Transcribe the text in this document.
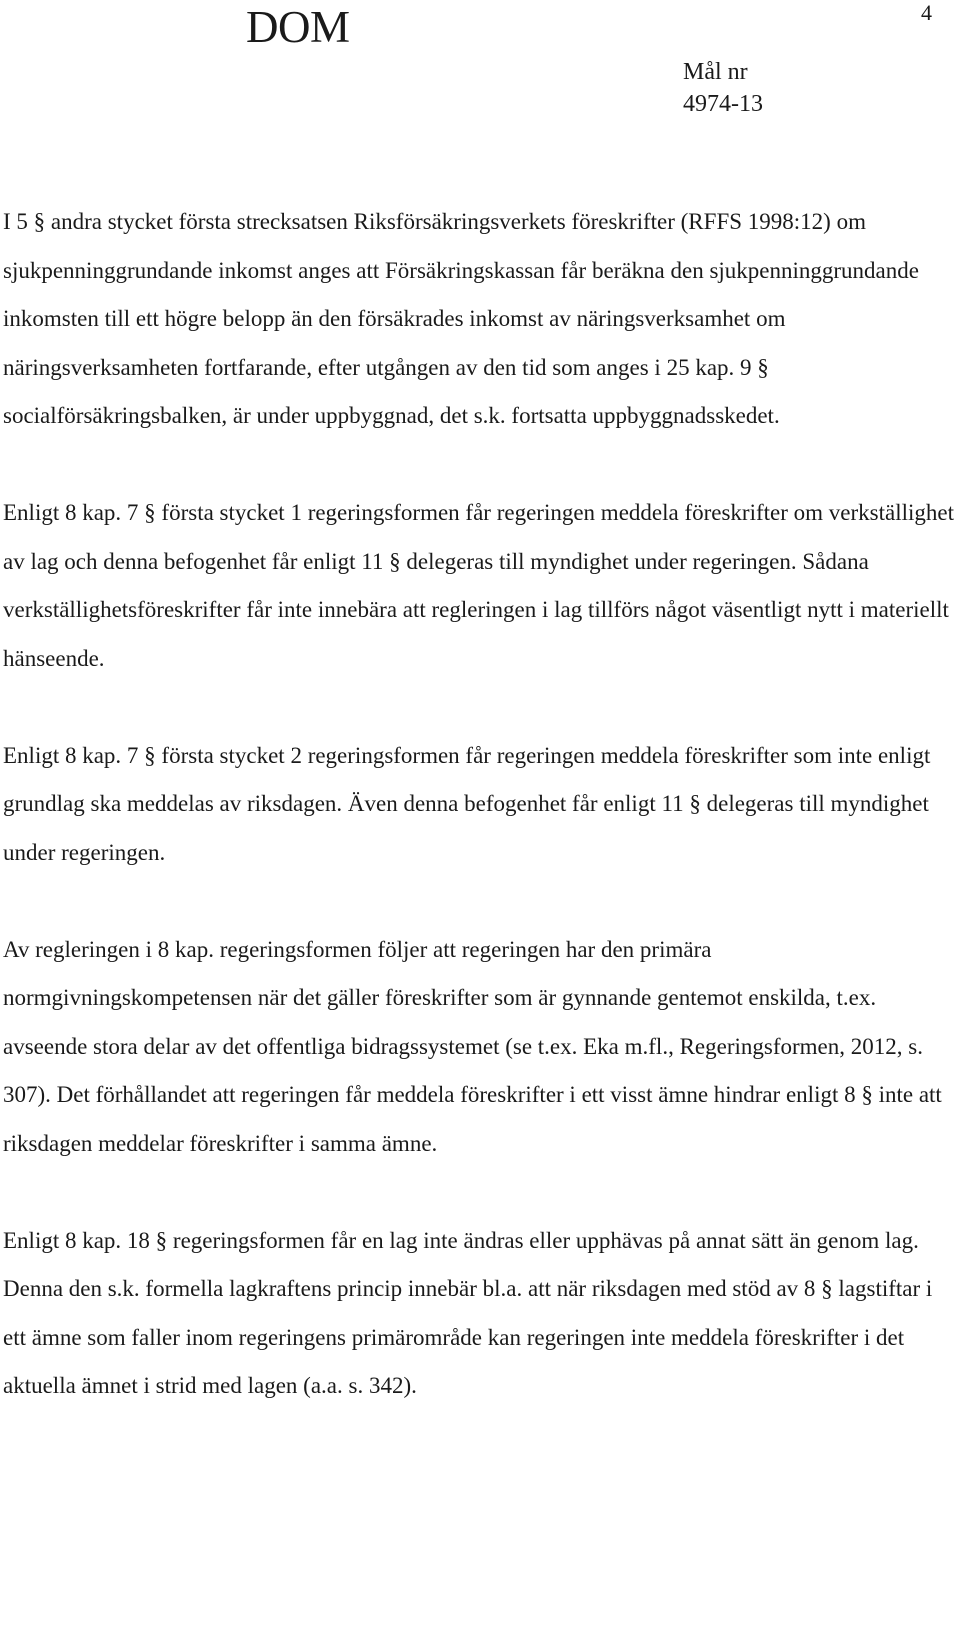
DOM	4
Mål nr
4974-13

I 5 § andra stycket första strecksatsen Riksförsäkringsverkets föreskrifter (RFFS 1998:12) om sjukpenninggrundande inkomst anges att Försäkringskassan får beräkna den sjukpenninggrundande inkomsten till ett högre belopp än den försäkrades inkomst av näringsverksamhet om näringsverksamheten fortfarande, efter utgången av den tid som anges i 25 kap. 9 § socialförsäkringsbalken, är under uppbyggnad, det s.k. fortsatta uppbyggnadsskedet.

Enligt 8 kap. 7 § första stycket 1 regeringsformen får regeringen meddela föreskrifter om verkställighet av lag och denna befogenhet får enligt 11 § delegeras till myndighet under regeringen. Sådana verkställighetsföreskrifter får inte innebära att regleringen i lag tillförs något väsentligt nytt i materiellt hänseende.

Enligt 8 kap. 7 § första stycket 2 regeringsformen får regeringen meddela föreskrifter som inte enligt grundlag ska meddelas av riksdagen. Även denna befogenhet får enligt 11 § delegeras till myndighet under regeringen.

Av regleringen i 8 kap. regeringsformen följer att regeringen har den primära normgivningskompetensen när det gäller föreskrifter som är gynnande gentemot enskilda, t.ex. avseende stora delar av det offentliga bidragssystemet (se t.ex. Eka m.fl., Regeringsformen, 2012, s. 307). Det förhållandet att regeringen får meddela föreskrifter i ett visst ämne hindrar enligt 8 § inte att riksdagen meddelar föreskrifter i samma ämne.

Enligt 8 kap. 18 § regeringsformen får en lag inte ändras eller upphävas på annat sätt än genom lag. Denna den s.k. formella lagkraftens princip innebär bl.a. att när riksdagen med stöd av 8 § lagstiftar i ett ämne som faller inom regeringens primärområde kan regeringen inte meddela föreskrifter i det aktuella ämnet i strid med lagen (a.a. s. 342).
